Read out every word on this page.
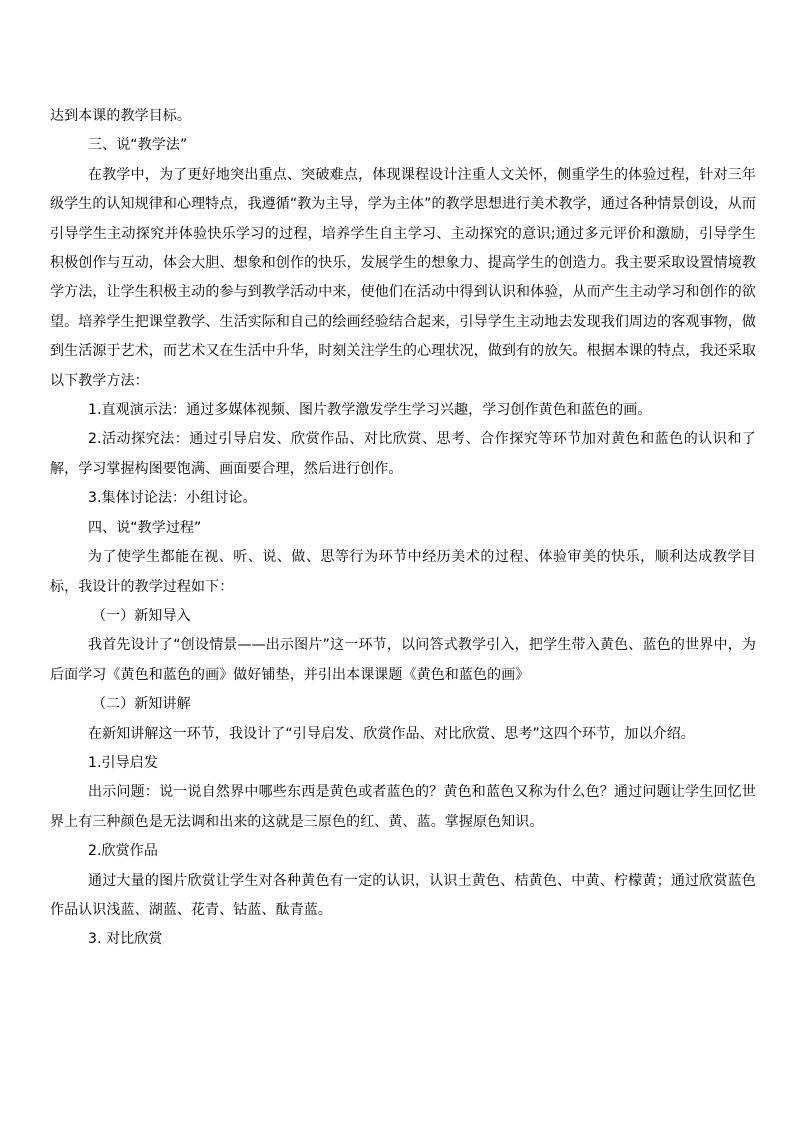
达到本课的教学目标。

三、说“教学法”

在教学中，为了更好地突出重点、突破难点，体现课程设计注重人文关怀，侧重学生的体验过程，针对三年级学生的认知规律和心理特点，我遵循“教为主导，学为主体”的教学思想进行美术教学，通过各种情景创设，从而引导学生主动探究并体验快乐学习的过程，培养学生自主学习、主动探究的意识;通过多元评价和激励，引导学生积极创作与互动，体会大胆、想象和创作的快乐，发展学生的想象力、提高学生的创造力。我主要采取设置情境教学方法，让学生积极主动的参与到教学活动中来，使他们在活动中得到认识和体验，从而产生主动学习和创作的欲望。培养学生把课堂教学、生活实际和自己的绘画经验结合起来，引导学生主动地去发现我们周边的客观事物，做到生活源于艺术，而艺术又在生活中升华，时刻关注学生的心理状况，做到有的放矢。根据本课的特点，我还采取以下教学方法：

1.直观演示法：通过多媒体视频、图片教学激发学生学习兴趣，学习创作黄色和蓝色的画。

2.活动探究法：通过引导启发、欣赏作品、对比欣赏、思考、合作探究等环节加对黄色和蓝色的认识和了解，学习掌握构图要饱满、画面要合理，然后进行创作。

3.集体讨论法：小组讨论。

四、说“教学过程”

为了使学生都能在视、听、说、做、思等行为环节中经历美术的过程、体验审美的快乐，顺利达成教学目标，我设计的教学过程如下：

（一）新知导入

我首先设计了“创设情景——出示图片”这一环节，以问答式教学引入，把学生带入黄色、蓝色的世界中，为后面学习《黄色和蓝色的画》做好铺垫，并引出本课课题《黄色和蓝色的画》

（二）新知讲解

在新知讲解这一环节，我设计了“引导启发、欣赏作品、对比欣赏、思考”这四个环节，加以介绍。

1.引导启发

出示问题：说一说自然界中哪些东西是黄色或者蓝色的？黄色和蓝色又称为什么色？通过问题让学生回忆世界上有三种颜色是无法调和出来的这就是三原色的红、黄、蓝。掌握原色知识。

2.欣赏作品

通过大量的图片欣赏让学生对各种黄色有一定的认识，认识土黄色、桔黄色、中黄、柠檬黄；通过欣赏蓝色作品认识浅蓝、湖蓝、花青、钴蓝、酞青蓝。

3. 对比欣赏
